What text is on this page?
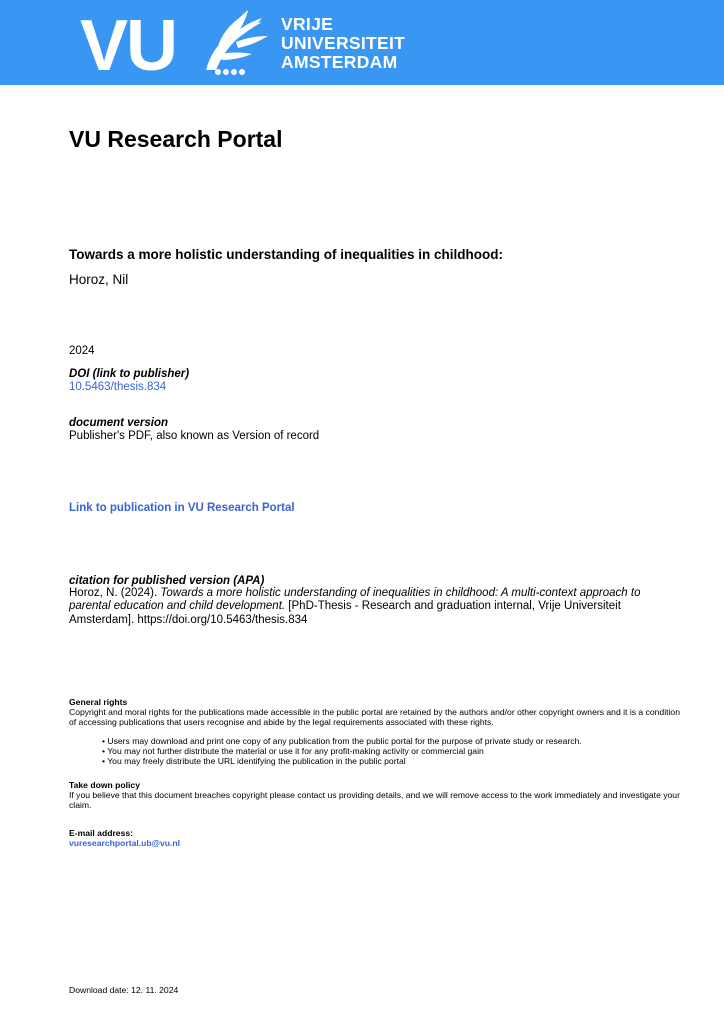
VU	VRIJE
UNIVERSITEIT
AMSTERDAM
VU Research Portal
Towards a more holistic understanding of inequalities in childhood:
Horoz, Nil
2024
DOI (link to publisher)
10.5463/thesis.834
document version
Publisher's PDF, also known as Version of record
Link to publication in VU Research Portal
citation for published version (APA)
Horoz, N. (2024). Towards a more holistic understanding of inequalities in childhood: A multi-context approach to parental education and child development. [PhD-Thesis - Research and graduation internal, Vrije Universiteit Amsterdam]. https://doi.org/10.5463/thesis.834
General rights
Copyright and moral rights for the publications made accessible in the public portal are retained by the authors and/or other copyright owners and it is a condition of accessing publications that users recognise and abide by the legal requirements associated with these rights.
• Users may download and print one copy of any publication from the public portal for the purpose of private study or research.
• You may not further distribute the material or use it for any profit-making activity or commercial gain
• You may freely distribute the URL identifying the publication in the public portal
Take down policy
If you believe that this document breaches copyright please contact us providing details, and we will remove access to the work immediately and investigate your claim.
E-mail address:
vuresearchportal.ub@vu.nl
Download date: 12. 11. 2024
